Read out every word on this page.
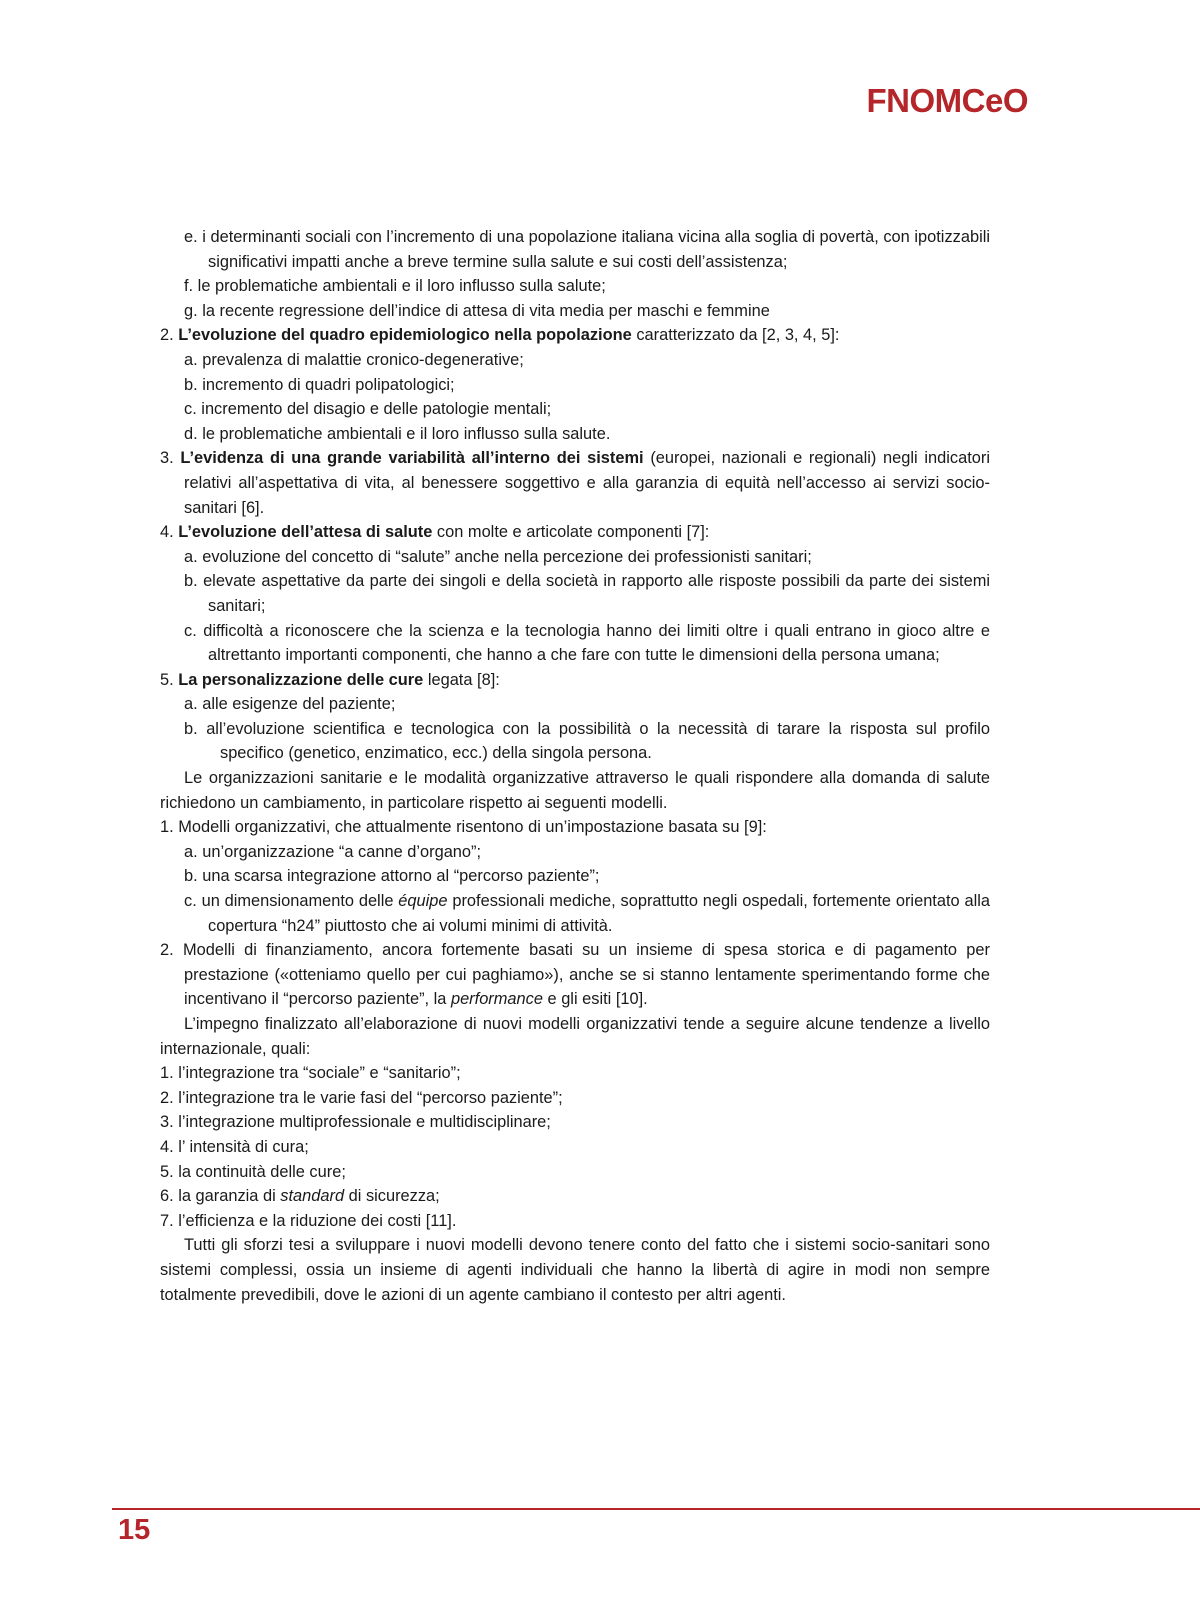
FNOMCeO

e. i determinanti sociali con l’incremento di una popolazione italiana vicina alla soglia di povertà, con ipotizzabili significativi impatti anche a breve termine sulla salute e sui costi dell’assistenza;

f. le problematiche ambientali e il loro influsso sulla salute;

g. la recente regressione dell’indice di attesa di vita media per maschi e femmine

2. L’evoluzione del quadro epidemiologico nella popolazione caratterizzato da [2, 3, 4, 5]:

a. prevalenza di malattie cronico-degenerative;

b. incremento di quadri polipatologici;

c. incremento del disagio e delle patologie mentali;

d. le problematiche ambientali e il loro influsso sulla salute.

3. L’evidenza di una grande variabilità all’interno dei sistemi (europei, nazionali e regionali) negli indicatori relativi all’aspettativa di vita, al benessere soggettivo e alla garanzia di equità nell’accesso ai servizi socio-sanitari [6].

4. L’evoluzione dell’attesa di salute con molte e articolate componenti [7]:

a. evoluzione del concetto di “salute” anche nella percezione dei professionisti sanitari;

b. elevate aspettative da parte dei singoli e della società in rapporto alle risposte possibili da parte dei sistemi sanitari;

c. difficoltà a riconoscere che la scienza e la tecnologia hanno dei limiti oltre i quali entrano in gioco altre e altrettanto importanti componenti, che hanno a che fare con tutte le dimensioni della persona umana;

5. La personalizzazione delle cure legata [8]:

a. alle esigenze del paziente;

b. all’evoluzione scientifica e tecnologica con la possibilità o la necessità di tarare la risposta sul profilo specifico (genetico, enzimatico, ecc.) della singola persona.

Le organizzazioni sanitarie e le modalità organizzative attraverso le quali rispondere alla domanda di salute richiedono un cambiamento, in particolare rispetto ai seguenti modelli.

1. Modelli organizzativi, che attualmente risentono di un’impostazione basata su [9]:

a. un’organizzazione “a canne d’organo”;

b. una scarsa integrazione attorno al “percorso paziente”;

c. un dimensionamento delle équipe professionali mediche, soprattutto negli ospedali, fortemente orientato alla copertura “h24” piuttosto che ai volumi minimi di attività.

2. Modelli di finanziamento, ancora fortemente basati su un insieme di spesa storica e di pagamento per prestazione («otteniamo quello per cui paghiamo»), anche se si stanno lentamente sperimentando forme che incentivano il “percorso paziente”, la performance e gli esiti [10].

L’impegno finalizzato all’elaborazione di nuovi modelli organizzativi tende a seguire alcune tendenze a livello internazionale, quali:

1. l’integrazione tra “sociale” e “sanitario”;

2. l’integrazione tra le varie fasi del “percorso paziente”;

3. l’integrazione multiprofessionale e multidisciplinare;

4. l’ intensità di cura;

5. la continuità delle cure;

6. la garanzia di standard di sicurezza;

7. l’efficienza e la riduzione dei costi [11].

Tutti gli sforzi tesi a sviluppare i nuovi modelli devono tenere conto del fatto che i sistemi socio-sanitari sono sistemi complessi, ossia un insieme di agenti individuali che hanno la libertà di agire in modi non sempre totalmente prevedibili, dove le azioni di un agente cambiano il contesto per altri agenti.

15
